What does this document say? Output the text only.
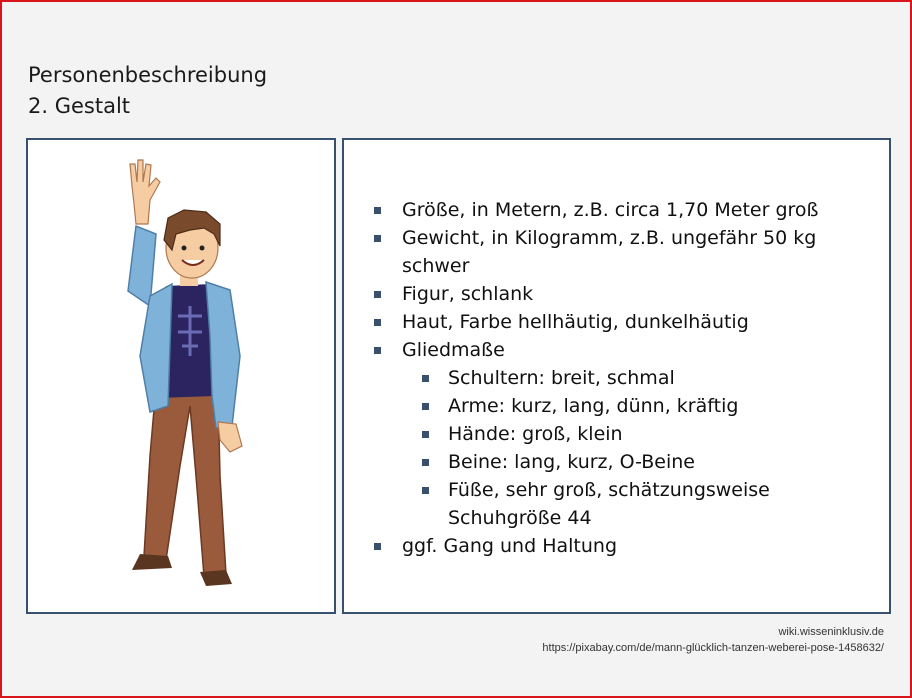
Personenbeschreibung
2. Gestalt
Größe, in Metern, z.B. circa 1,70 Meter groß
Gewicht, in Kilogramm, z.B. ungefähr 50 kg schwer
Figur, schlank
Haut, Farbe hellhäutig, dunkelhäutig
Gliedmaße
Schultern: breit, schmal
Arme: kurz, lang, dünn, kräftig
Hände: groß, klein
Beine: lang, kurz, O-Beine
Füße, sehr groß, schätzungsweise Schuhgröße 44
ggf. Gang und Haltung
wiki.wisseninklusiv.de
https://pixabay.com/de/mann-glücklich-tanzen-weberei-pose-1458632/
